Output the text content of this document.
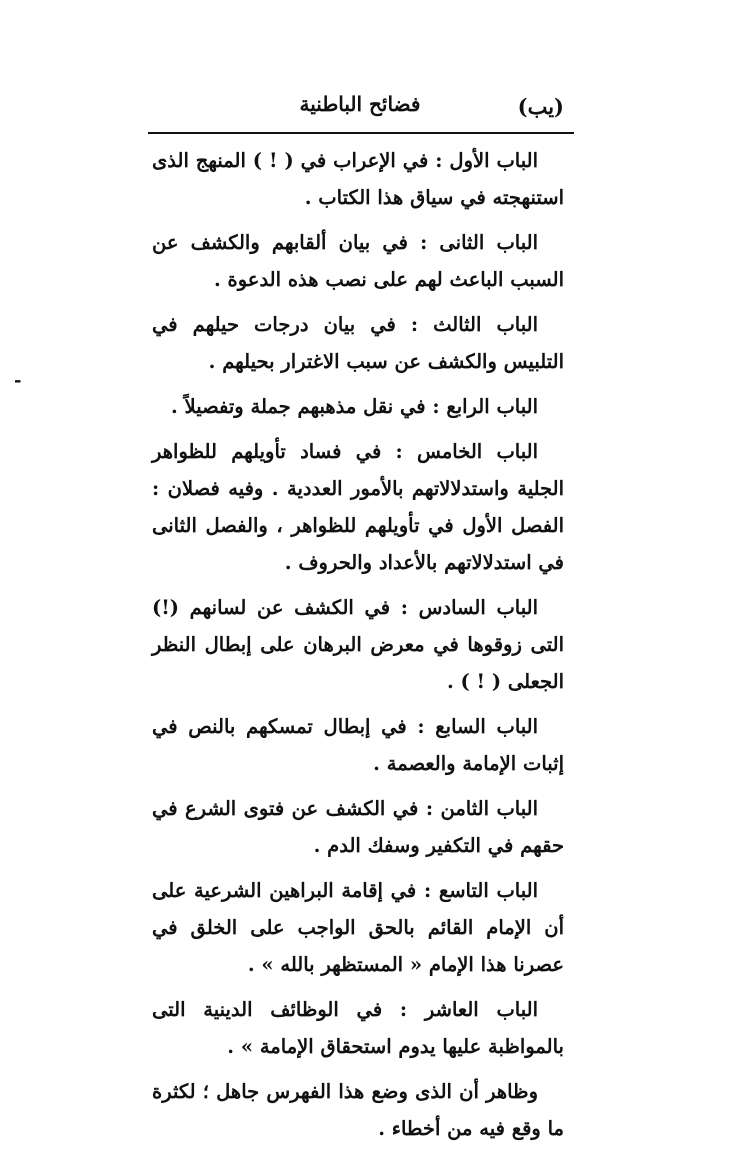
(يب)
فضائح الباطنية
-

الباب الأول : في الإعراب في ( ! ) المنهج الذى استنهجته في سياق هذا الكتاب .

الباب الثانى : في بيان ألقابهم والكشف عن السبب الباعث لهم على نصب هذه الدعوة .

الباب الثالث : في بيان درجات حيلهم في التلبيس والكشف عن سبب الاغترار بحيلهم .

الباب الرابع : في نقل مذهبهم جملة وتفصيلاً .

الباب الخامس : في فساد تأويلهم للظواهر الجلية واستدلالاتهم بالأمور العددية . وفيه فصلان : الفصل الأول في تأويلهم للظواهر ، والفصل الثانى في استدلالاتهم بالأعداد والحروف .

الباب السادس : في الكشف عن لسانهم (!) التى زوقوها في معرض البرهان على إبطال النظر الجعلى ( ! ) .

الباب السابع : في إبطال تمسكهم بالنص في إثبات الإمامة والعصمة .

الباب الثامن : في الكشف عن فتوى الشرع في حقهم في التكفير وسفك الدم .

الباب التاسع : في إقامة البراهين الشرعية على أن الإمام القائم بالحق الواجب على الخلق في عصرنا هذا الإمام « المستظهر بالله » .

الباب العاشر : في الوظائف الدينية التى بالمواظبة عليها يدوم استحقاق الإمامة » .

وظاهر أن الذى وضع هذا الفهرس جاهل ؛ لكثرة ما وقع فيه من أخطاء .
